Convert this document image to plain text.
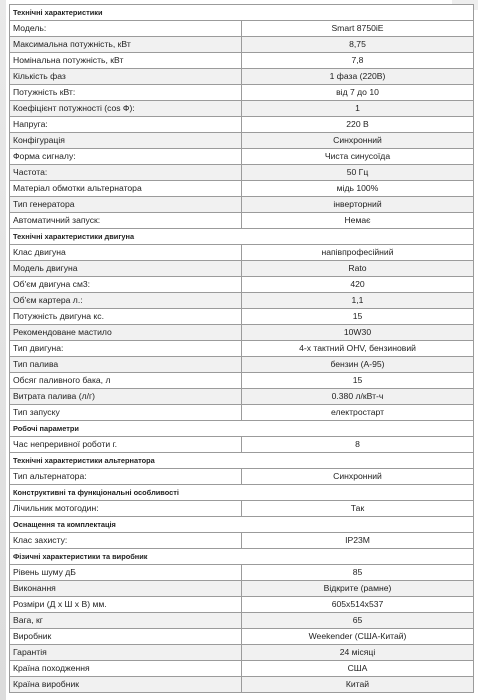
Технічні характеристики	
Модель:	Smart 8750iE
Максимальна потужність, кВт	8,75
Номінальна потужність, кВт	7,8
Кількість фаз	1 фаза (220В)
Потужність кВт:	від 7 до 10
Коефіцієнт потужності (cos Ф):	1
Напруга:	220 В
Конфігурація	Синхронний
Форма сигналу:	Чиста синусоїда
Частота:	50 Гц
Матеріал обмотки альтернатора	мідь 100%
Тип генератора	інверторний
Автоматичний запуск:	Немає
Технічні характеристики двигуна	
Клас двигуна	напівпрофесійний
Модель двигуна	Rato
Об'єм двигуна см3:	420
Об'єм картера л.:	1,1
Потужність двигуна кс.	15
Рекомендоване мастило	10W30
Тип двигуна:	4-х тактний OHV, бензиновий
Тип палива	бензин (А-95)
Обсяг паливного бака, л	15
Витрата палива (л/г)	0.380 л/кВт-ч
Тип запуску	електростарт
Робочі параметри	
Час непреривної роботи г.	8
Технічні характеристики альтернатора	
Тип альтернатора:	Синхронний
Конструктивні та функціональні особливості	
Лічильник мотогодин:	Так
Оснащення та комплектація	
Клас захисту:	IP23M
Фізичні характеристики та виробник	
Рівень шуму дБ	85
Виконання	Відкрите (рамне)
Розміри (Д х Ш х В) мм.	605x514x537
Вага, кг	65
Виробник	Weekender (США-Китай)
Гарантія	24 місяці
Країна походження	США
Країна виробник	Китай
